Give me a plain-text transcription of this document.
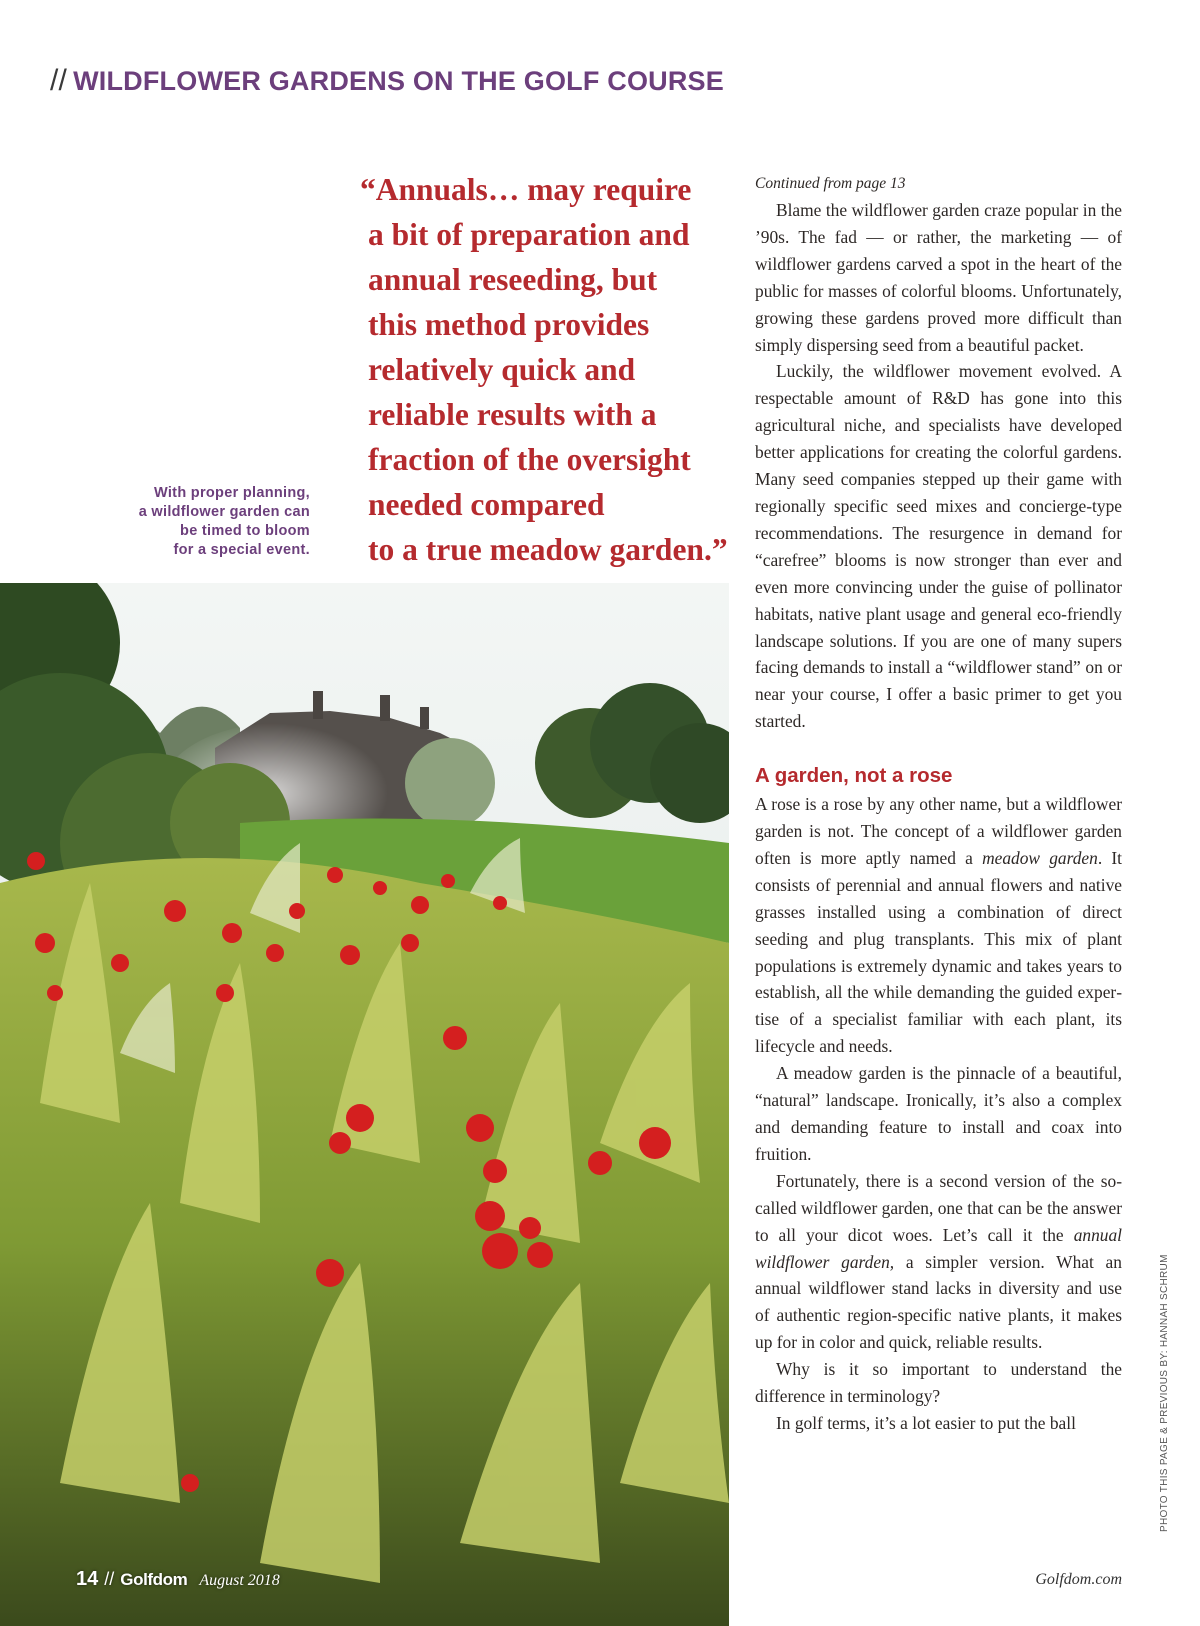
// WILDFLOWER GARDENS ON THE GOLF COURSE
“Annuals… may require
a bit of preparation and
annual reseeding, but
this method provides
relatively quick and
reliable results with a
fraction of the oversight
needed compared
to a true meadow garden.”
With proper planning,
a wildflower garden can
be timed to bloom
for a special event.

Continued from page 13

Blame the wildflower garden craze popular in the ’90s. The fad — or rather, the marketing — of wildflower gardens carved a spot in the heart of the public for masses of colorful blooms. Unfortunately, growing these gardens proved more difficult than simply dispersing seed from a beautiful packet.

Luckily, the wildflower movement evolved. A respectable amount of R&D has gone into this agricultural niche, and specialists have developed better applications for creating the colorful gardens. Many seed companies stepped up their game with regionally specific seed mixes and concierge-type recommendations. The resurgence in demand for “carefree” blooms is now stronger than ever and even more convincing under the guise of pollinator habitats, native plant usage and general eco-friendly landscape solutions. If you are one of many supers facing demands to install a “wildflower stand” on or near your course, I offer a basic primer to get you started.

A garden, not a rose

A rose is a rose by any other name, but a wildflower garden is not. The concept of a wildflower garden often is more aptly named a meadow garden. It consists of perennial and annual flowers and native grasses installed using a combination of direct seeding and plug transplants. This mix of plant populations is extremely dynamic and takes years to establish, all the while demanding the guided expertise of a specialist familiar with each plant, its lifecycle and needs.

A meadow garden is the pinnacle of a beautiful, “natural” landscape. Ironically, it’s also a complex and demanding feature to install and coax into fruition.

Fortunately, there is a second version of the so-called wildflower garden, one that can be the answer to all your dicot woes. Let’s call it the annual wildflower garden, a simpler version. What an annual wildflower stand lacks in diversity and use of authentic region-specific native plants, it makes up for in color and quick, reliable results.

Why is it so important to understand the difference in terminology?

In golf terms, it’s a lot easier to put the ball	PHOTO THIS PAGE & PREVIOUS BY: HANNAH SCHRUM
14 // Golfdom August 2018	Golfdom.com
